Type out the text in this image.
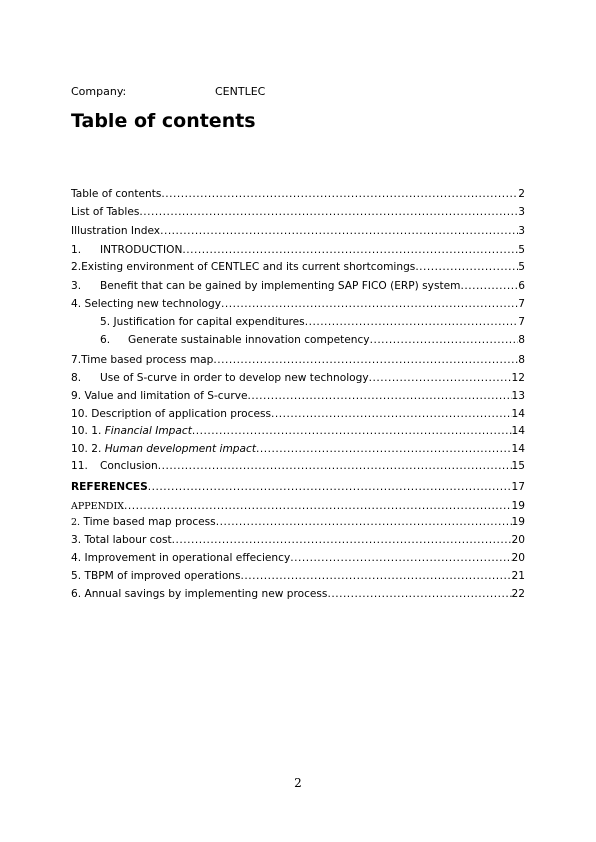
Company:	CENTLEC
Table of contents
Table of contents .....	2
List of Tables .....	3
Illustration Index .....	3
1. INTRODUCTION .....	5
2.Existing environment of CENTLEC and its current shortcomings .....	5
3. Benefit that can be gained by implementing SAP FICO (ERP) system .....	6
4. Selecting new technology .....	7
5. Justification for capital expenditures .....	7
6. Generate sustainable innovation competency .....	8
7.Time based process map .....	8
8. Use of S-curve in order to develop new technology .....	12
9. Value and limitation of S-curve .....	13
10. Description of application process .....	14
10. 1. Financial Impact .....	14
10. 2. Human development impact .....	14
11. Conclusion .....	15
REFERENCES .....	17
APPENDIX .....	19
2. Time based map process .....	19
3. Total labour cost .....	20
4. Improvement in operational effeciency .....	20
5. TBPM of improved operations .....	21
6. Annual savings by implementing new process .....	22
2
